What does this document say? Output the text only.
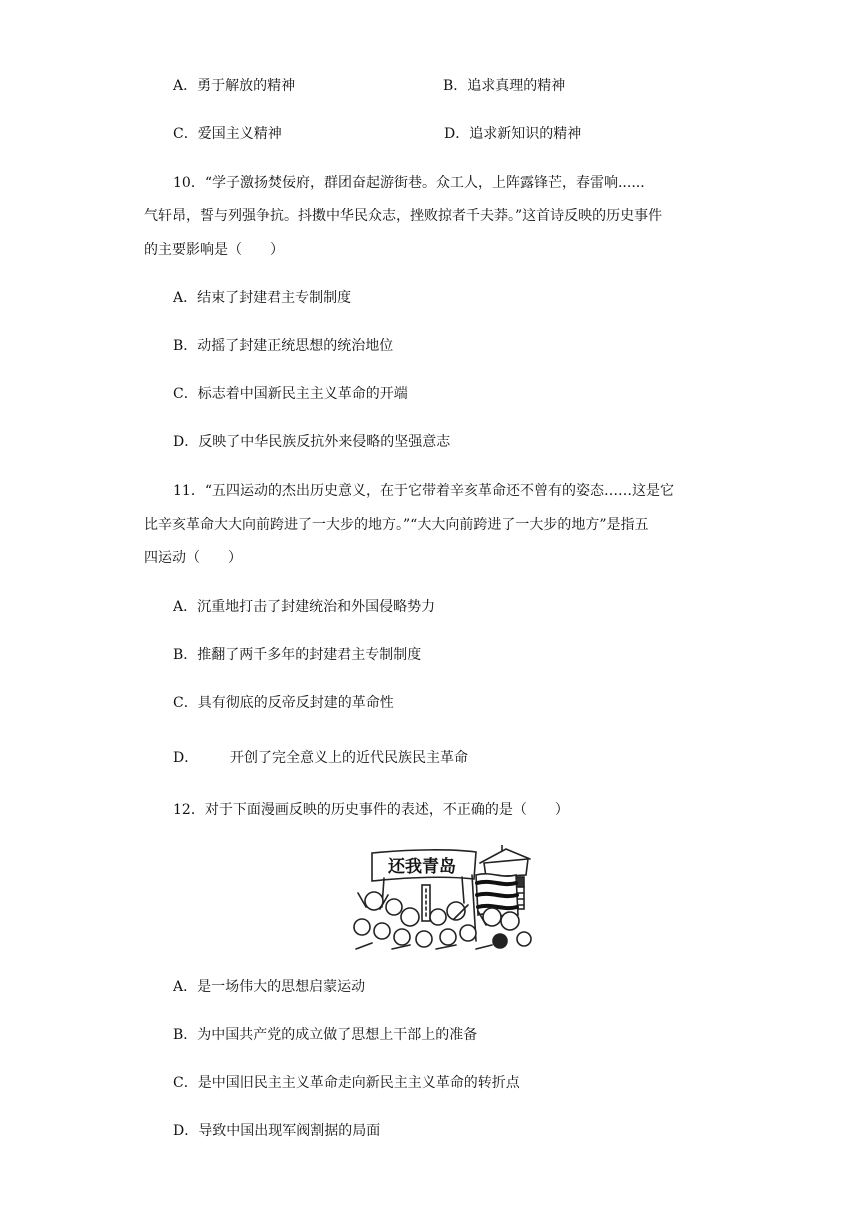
A．勇于解放的精神	B．追求真理的精神
C．爱国主义精神	D．追求新知识的精神
10．“学子激扬焚佞府，群团奋起游街巷。众工人，上阵露锋芒，春雷响......
气轩昂，誓与列强争抗。抖擞中华民众志，挫败掠者千夫莽。”这首诗反映的历史事件
的主要影响是（　　）
A．结束了封建君主专制制度
B．动摇了封建正统思想的统治地位
C．标志着中国新民主主义革命的开端
D．反映了中华民族反抗外来侵略的坚强意志
11．“五四运动的杰出历史意义，在于它带着辛亥革命还不曾有的姿态……这是它
比辛亥革命大大向前跨进了一大步的地方。”“大大向前跨进了一大步的地方”是指五
四运动（　　）
A．沉重地打击了封建统治和外国侵略势力
B．推翻了两千多年的封建君主专制制度
C．具有彻底的反帝反封建的革命性
D． 开创了完全意义上的近代民族民主革命
12．对于下面漫画反映的历史事件的表述，不正确的是（　　）
还我青岛
A．是一场伟大的思想启蒙运动
B．为中国共产党的成立做了思想上干部上的准备
C．是中国旧民主主义革命走向新民主主义革命的转折点
D．导致中国出现军阀割据的局面
